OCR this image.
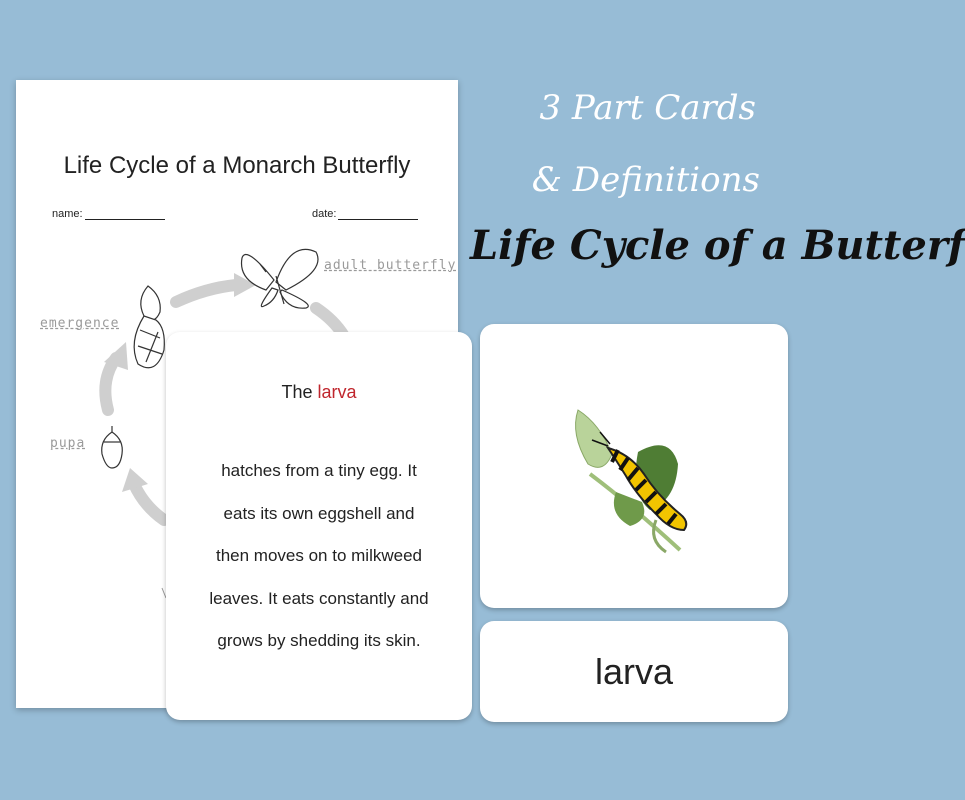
3 Part Cards
& Definitions
Life Cycle of a Butterf
Life Cycle of a Monarch Butterfly
name:	date:
adult butterfly
emergence
pupa
The larva
hatches from a tiny egg. It
eats its own eggshell and
then moves on to milkweed
leaves. It eats constantly and
grows by shedding its skin.
larva
